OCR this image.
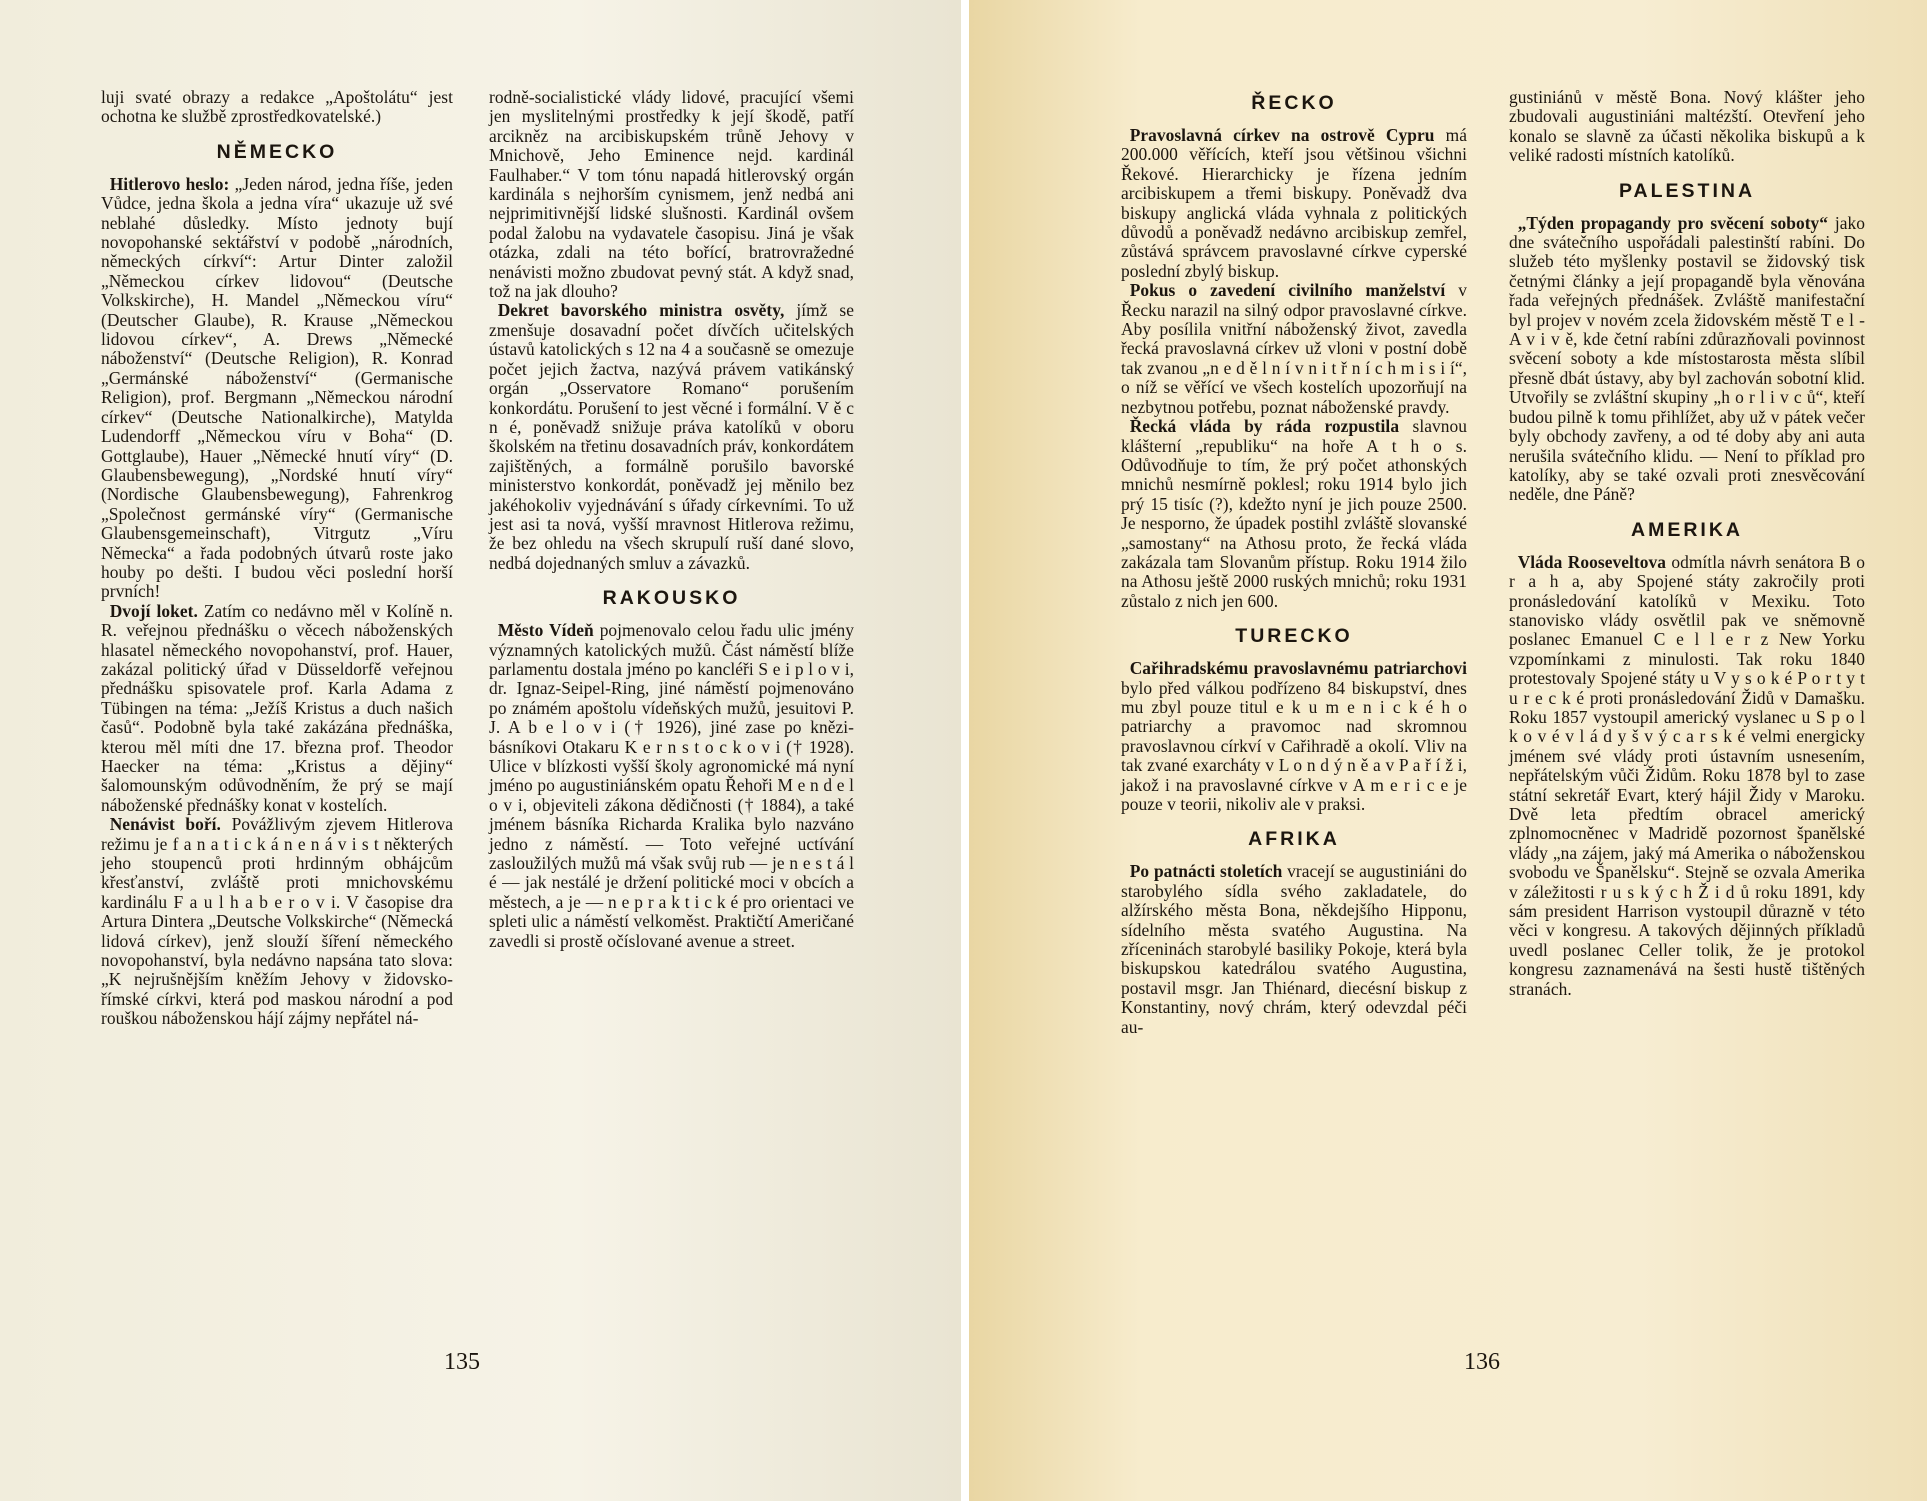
luji svaté obrazy a redakce „Apoštolátu“ jest ochotna ke službě zprostředkovatelské.)

NĚMECKO

Hitlerovo heslo: „Jeden národ, jedna říše, jeden Vůdce, jedna škola a jedna víra“ ukazuje už své neblahé důsledky. Místo jednoty bují novopohanské sektářství v podobě „národních, německých církví“: Artur Dinter založil „Německou církev lidovou“ (Deutsche Volkskirche), H. Mandel „Německou víru“ (Deutscher Glaube), R. Krause „Německou lidovou církev“, A. Drews „Německé náboženství“ (Deutsche Religion), R. Konrad „Germánské náboženství“ (Germanische Religion), prof. Bergmann „Německou národní církev“ (Deutsche Nationalkirche), Matylda Ludendorff „Německou víru v Boha“ (D. Gottglaube), Hauer „Německé hnutí víry“ (D. Glaubensbewegung), „Nordské hnutí víry“ (Nordische Glaubensbewegung), Fahrenkrog „Společnost germánské víry“ (Germanische Glaubensgemeinschaft), Vitrgutz „Víru Německa“ a řada podobných útvarů roste jako houby po dešti. I budou věci poslední horší prvních!

Dvojí loket. Zatím co nedávno měl v Kolíně n. R. veřejnou přednášku o věcech náboženských hlasatel německého novopohanství, prof. Hauer, zakázal politický úřad v Düsseldorfě veřejnou přednášku spisovatele prof. Karla Adama z Tübingen na téma: „Ježíš Kristus a duch našich časů“. Podobně byla také zakázána přednáška, kterou měl míti dne 17. března prof. Theodor Haecker na téma: „Kristus a dějiny“ šalomounským odůvodněním, že prý se mají náboženské přednášky konat v kostelích.

Nenávist boří. Povážlivým zjevem Hitlerova režimu je f a n a t i c k á n e n á v i s t některých jeho stoupenců proti hrdinným obhájcům křesťanství, zvláště proti mnichovskému kardinálu F a u l h a b e r o v i. V časopise dra Artura Dintera „Deutsche Volkskirche“ (Německá lidová církev), jenž slouží šíření německého novopohanství, byla nedávno napsána tato slova: „K nejrušnějším kněžím Jehovy v židovsko-římské církvi, která pod maskou národní a pod rouškou náboženskou hájí zájmy nepřátel ná-

rodně-socialistické vlády lidové, pracující všemi jen myslitelnými prostředky k její škodě, patří arcikněz na arcibiskupském trůně Jehovy v Mnichově, Jeho Eminence nejd. kardinál Faulhaber.“ V tom tónu napadá hitlerovský orgán kardinála s nejhorším cynismem, jenž nedbá ani nejprimitivnější lidské slušnosti. Kardinál ovšem podal žalobu na vydavatele časopisu. Jiná je však otázka, zdali na této bořící, bratrovražedné nenávisti možno zbudovat pevný stát. A když snad, tož na jak dlouho?

Dekret bavorského ministra osvěty, jímž se zmenšuje dosavadní počet dívčích učitelských ústavů katolických s 12 na 4 a současně se omezuje počet jejich žactva, nazývá právem vatikánský orgán „Osservatore Romano“ porušením konkordátu. Porušení to jest věcné i formální. V ě c n é, poněvadž snižuje práva katolíků v oboru školském na třetinu dosavadních práv, konkordátem zajištěných, a formálně porušilo bavorské ministerstvo konkordát, poněvadž jej měnilo bez jakéhokoliv vyjednávání s úřady církevními. To už jest asi ta nová, vyšší mravnost Hitlerova režimu, že bez ohledu na všech skrupulí ruší dané slovo, nedbá dojednaných smluv a závazků.

RAKOUSKO

Město Vídeň pojmenovalo celou řadu ulic jmény významných katolických mužů. Část náměstí blíže parlamentu dostala jméno po kancléři S e i p l o v i, dr. Ignaz-Seipel-Ring, jiné náměstí pojmenováno po známém apoštolu vídeňských mužů, jesuitovi P. J. A b e l o v i († 1926), jiné zase po knězi-básníkovi Otakaru K e r n s t o c k o v i († 1928). Ulice v blízkosti vyšší školy agronomické má nyní jméno po augustiniánském opatu Řehoři M e n d e l o v i, objeviteli zákona dědičnosti († 1884), a také jménem básníka Richarda Kralika bylo nazváno jedno z náměstí. — Toto veřejné uctívání zasloužilých mužů má však svůj rub — je n e s t á l é — jak nestálé je držení politické moci v obcích a městech, a je — n e p r a k t i c k é pro orientaci ve spleti ulic a náměstí velkoměst. Praktičtí Američané zavedli si prostě očíslované avenue a street.

135
ŘECKO

Pravoslavná církev na ostrově Cypru má 200.000 věřících, kteří jsou většinou všichni Řekové. Hierarchicky je řízena jedním arcibiskupem a třemi biskupy. Poněvadž dva biskupy anglická vláda vyhnala z politických důvodů a poněvadž nedávno arcibiskup zemřel, zůstává správcem pravoslavné církve cyperské poslední zbylý biskup.

Pokus o zavedení civilního manželství v Řecku narazil na silný odpor pravoslavné církve. Aby posílila vnitřní náboženský život, zavedla řecká pravoslavná církev už vloni v postní době tak zvanou „n e d ě l n í v n i t ř n í c h m i s i í“, o níž se věřící ve všech kostelích upozorňují na nezbytnou potřebu, poznat náboženské pravdy.

Řecká vláda by ráda rozpustila slavnou klášterní „republiku“ na hoře A t h o s. Odůvodňuje to tím, že prý počet athonských mnichů nesmírně poklesl; roku 1914 bylo jich prý 15 tisíc (?), kdežto nyní je jich pouze 2500. Je nesporno, že úpadek postihl zvláště slovanské „samostany“ na Athosu proto, že řecká vláda zakázala tam Slovanům přístup. Roku 1914 žilo na Athosu ještě 2000 ruských mnichů; roku 1931 zůstalo z nich jen 600.

TURECKO

Cařihradskému pravoslavnému patriarchovi bylo před válkou podřízeno 84 biskupství, dnes mu zbyl pouze titul e k u m e n i c k é h o patriarchy a pravomoc nad skromnou pravoslavnou církví v Cařihradě a okolí. Vliv na tak zvané exarcháty v L o n d ý n ě a v P a ř í ž i, jakož i na pravoslavné církve v A m e r i c e je pouze v teorii, nikoliv ale v praksi.

AFRIKA

Po patnácti stoletích vracejí se augustiniáni do starobylého sídla svého zakladatele, do alžírského města Bona, někdejšího Hipponu, sídelního města svatého Augustina. Na zříceninách starobylé basiliky Pokoje, která byla biskupskou katedrálou svatého Augustina, postavil msgr. Jan Thiénard, diecésní biskup z Konstantiny, nový chrám, který odevzdal péči au-

gustiniánů v městě Bona. Nový klášter jeho zbudovali augustiniáni maltézští. Otevření jeho konalo se slavně za účasti několika biskupů a k veliké radosti místních katolíků.

PALESTINA

„Týden propagandy pro svěcení soboty“ jako dne svátečního uspořádali palestinští rabíni. Do služeb této myšlenky postavil se židovský tisk četnými články a její propagandě byla věnována řada veřejných přednášek. Zvláště manifestační byl projev v novém zcela židovském městě T e l - A v i v ě, kde četní rabíni zdůrazňovali povinnost svěcení soboty a kde místostarosta města slíbil přesně dbát ústavy, aby byl zachován sobotní klid. Utvořily se zvláštní skupiny „h o r l i v c ů“, kteří budou pilně k tomu přihlížet, aby už v pátek večer byly obchody zavřeny, a od té doby aby ani auta nerušila svátečního klidu. — Není to příklad pro katolíky, aby se také ozvali proti znesvěcování neděle, dne Páně?

AMERIKA

Vláda Rooseveltova odmítla návrh senátora B o r a h a, aby Spojené státy zakročily proti pronásledování katolíků v Mexiku. Toto stanovisko vlády osvětlil pak ve sněmovně poslanec Emanuel C e l l e r z New Yorku vzpomínkami z minulosti. Tak roku 1840 protestovaly Spojené státy u V y s o k é P o r t y t u r e c k é proti pronásledování Židů v Damašku. Roku 1857 vystoupil americký vyslanec u S p o l k o v é v l á d y š v ý c a r s k é velmi energicky jménem své vlády proti ústavním usnesením, nepřátelským vůči Židům. Roku 1878 byl to zase státní sekretář Evart, který hájil Židy v Maroku. Dvě leta předtím obracel americký zplnomocněnec v Madridě pozornost španělské vlády „na zájem, jaký má Amerika o náboženskou svobodu ve Španělsku“. Stejně se ozvala Amerika v záležitosti r u s k ý c h Ž i d ů roku 1891, kdy sám president Harrison vystoupil důrazně v této věci v kongresu. A takových dějinných příkladů uvedl poslanec Celler tolik, že je protokol kongresu zaznamenává na šesti hustě tištěných stranách.

136
